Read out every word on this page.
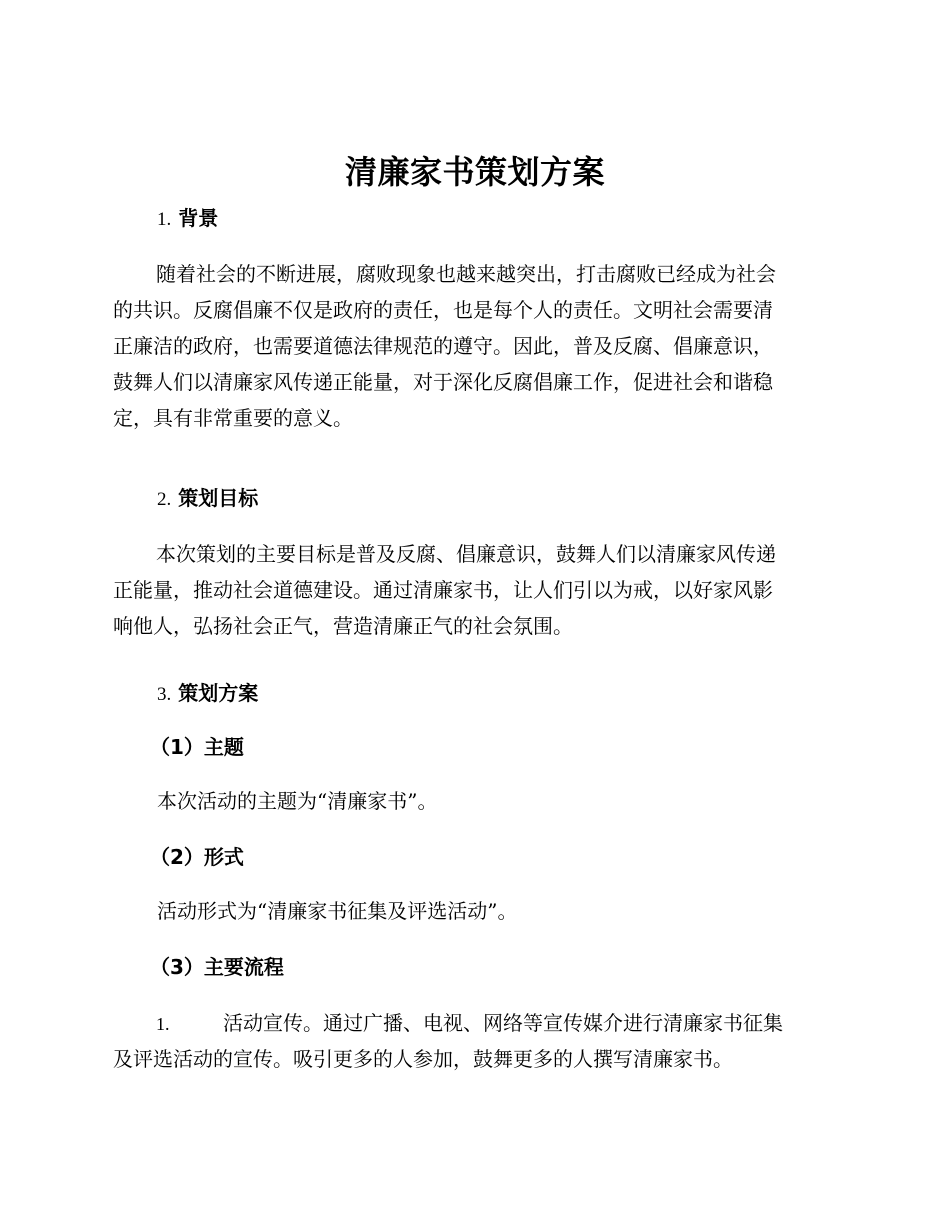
清廉家书策划方案
1. 背景
随着社会的不断进展，腐败现象也越来越突出，打击腐败已经成为社会
的共识。反腐倡廉不仅是政府的责任，也是每个人的责任。文明社会需要清
正廉洁的政府，也需要道德法律规范的遵守。因此，普及反腐、倡廉意识，
鼓舞人们以清廉家风传递正能量，对于深化反腐倡廉工作，促进社会和谐稳
定，具有非常重要的意义。
2. 策划目标
本次策划的主要目标是普及反腐、倡廉意识，鼓舞人们以清廉家风传递
正能量，推动社会道德建设。通过清廉家书，让人们引以为戒，以好家风影
响他人，弘扬社会正气，营造清廉正气的社会氛围。
3. 策划方案
（1）主题
本次活动的主题为“清廉家书”。
（2）形式
活动形式为“清廉家书征集及评选活动”。
（3）主要流程
1.	活动宣传。通过广播、电视、网络等宣传媒介进行清廉家书征集
及评选活动的宣传。吸引更多的人参加，鼓舞更多的人撰写清廉家书。
